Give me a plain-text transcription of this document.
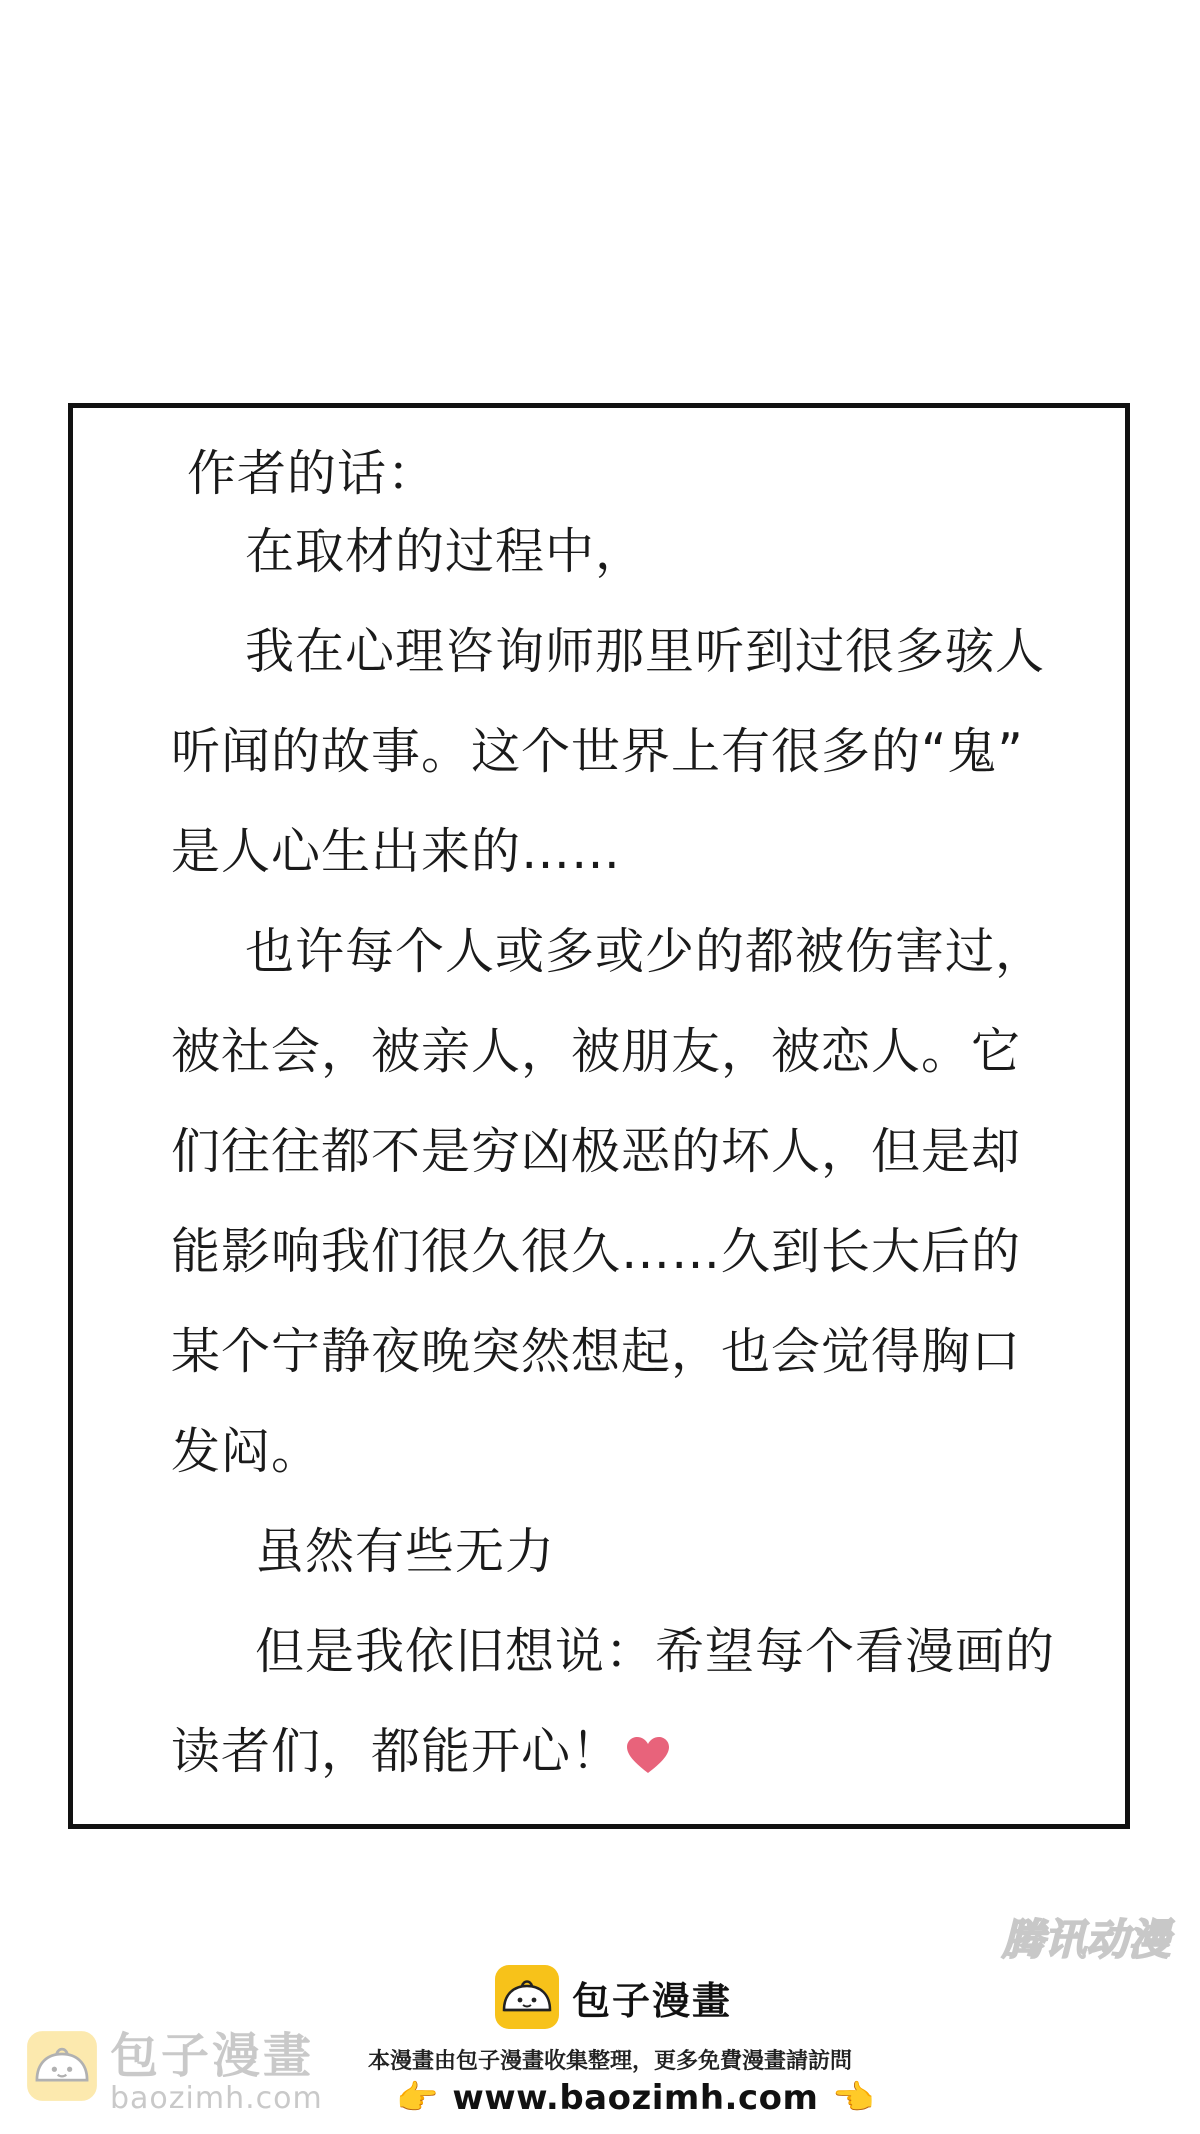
作者的话：
在取材的过程中，
我在心理咨询师那里听到过很多骇人
听闻的故事。这个世界上有很多的“鬼”
是人心生出来的……
也许每个人或多或少的都被伤害过，
被社会，被亲人，被朋友，被恋人。它
们往往都不是穷凶极恶的坏人，但是却
能影响我们很久很久……久到长大后的
某个宁静夜晚突然想起，也会觉得胸口
发闷。
虽然有些无力
但是我依旧想说：希望每个看漫画的
读者们，都能开心！
腾讯动漫
包子漫畫
包子漫畫
baozimh.com
本漫畫由包子漫畫收集整理，更多免費漫畫請訪問
👉 www.baozimh.com 👈
